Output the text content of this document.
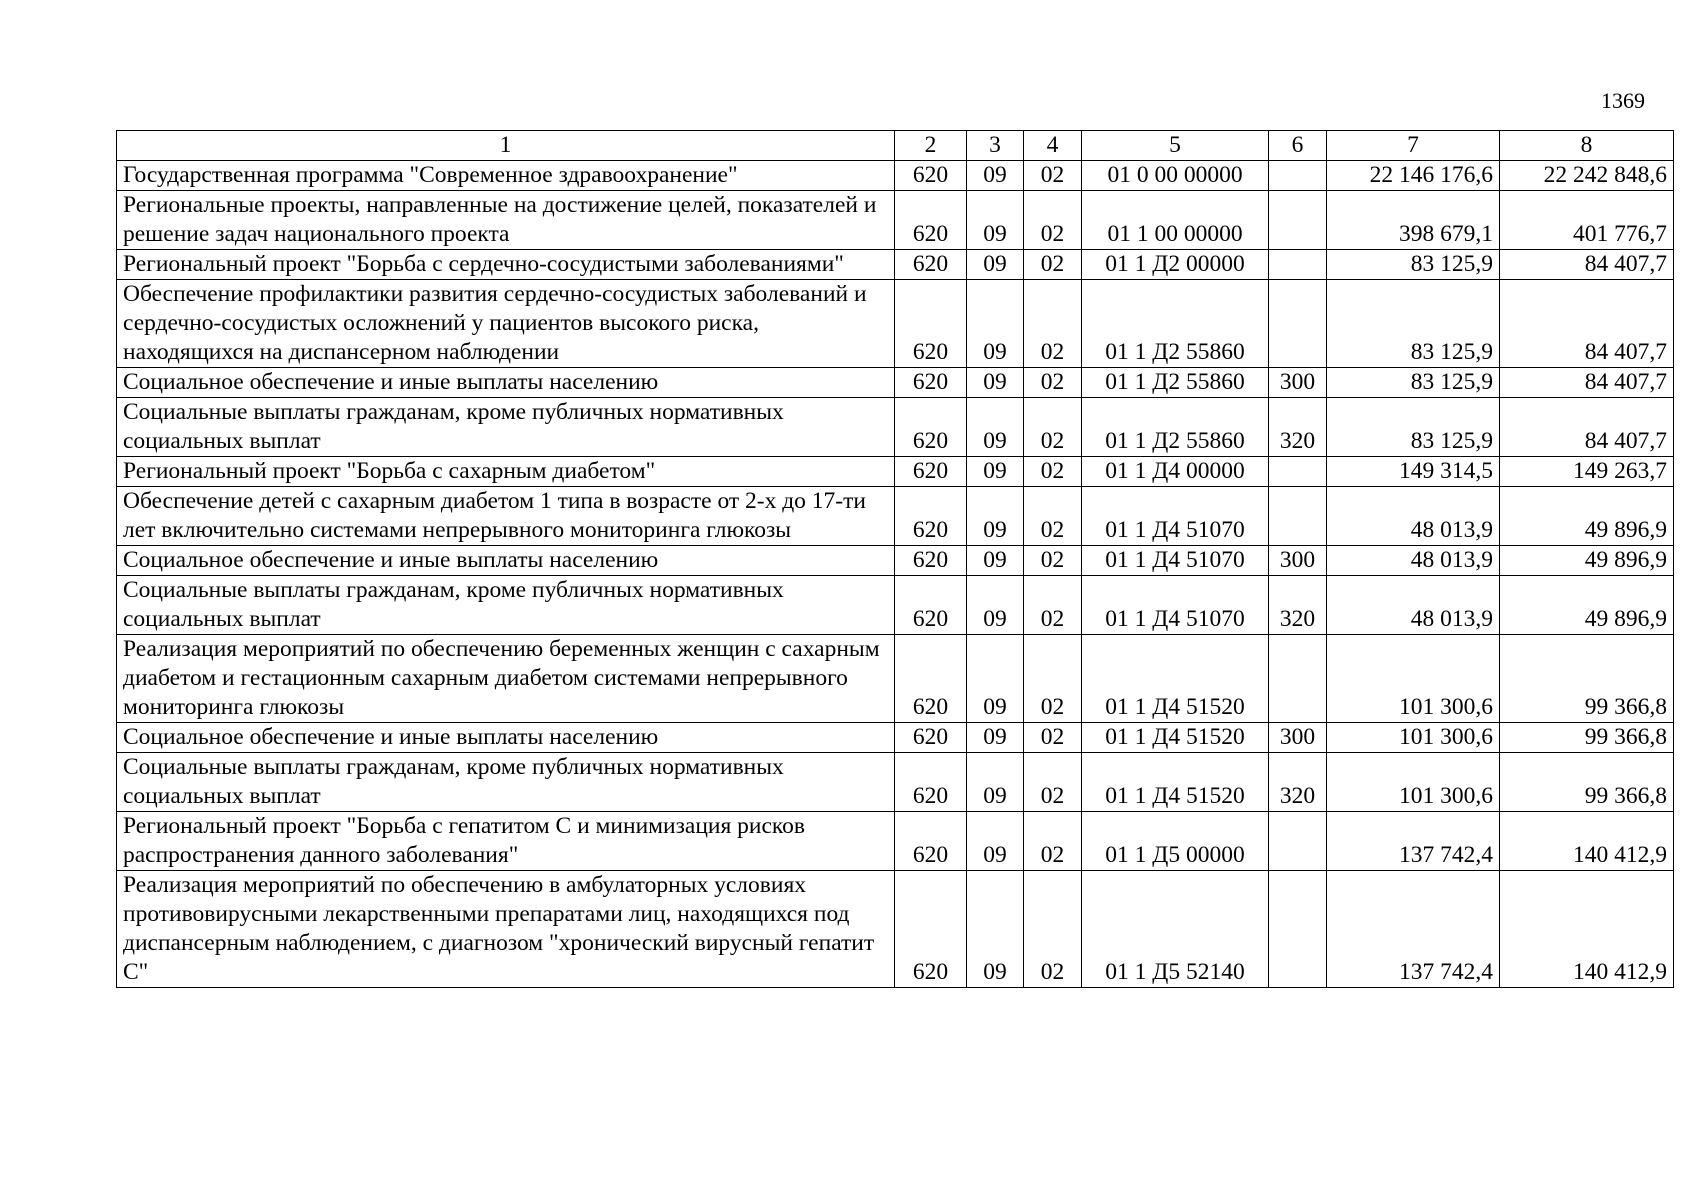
1369
1	2	3	4	5	6	7	8
Государственная программа "Современное здравоохранение"	620	09	02	01 0 00 00000		22 146 176,6	22 242 848,6
Региональные проекты, направленные на достижение целей, показателей и решение задач национального проекта	620	09	02	01 1 00 00000		398 679,1	401 776,7
Региональный проект "Борьба с сердечно-сосудистыми заболеваниями"	620	09	02	01 1 Д2 00000		83 125,9	84 407,7
Обеспечение профилактики развития сердечно-сосудистых заболеваний и сердечно-сосудистых осложнений у пациентов высокого риска, находящихся на диспансерном наблюдении	620	09	02	01 1 Д2 55860		83 125,9	84 407,7
Социальное обеспечение и иные выплаты населению	620	09	02	01 1 Д2 55860	300	83 125,9	84 407,7
Социальные выплаты гражданам, кроме публичных нормативных социальных выплат	620	09	02	01 1 Д2 55860	320	83 125,9	84 407,7
Региональный проект "Борьба с сахарным диабетом"	620	09	02	01 1 Д4 00000		149 314,5	149 263,7
Обеспечение детей с сахарным диабетом 1 типа в возрасте от 2-х до 17-ти лет включительно системами непрерывного мониторинга глюкозы	620	09	02	01 1 Д4 51070		48 013,9	49 896,9
Социальное обеспечение и иные выплаты населению	620	09	02	01 1 Д4 51070	300	48 013,9	49 896,9
Социальные выплаты гражданам, кроме публичных нормативных социальных выплат	620	09	02	01 1 Д4 51070	320	48 013,9	49 896,9
Реализация мероприятий по обеспечению беременных женщин с сахарным диабетом и гестационным сахарным диабетом системами непрерывного мониторинга глюкозы	620	09	02	01 1 Д4 51520		101 300,6	99 366,8
Социальное обеспечение и иные выплаты населению	620	09	02	01 1 Д4 51520	300	101 300,6	99 366,8
Социальные выплаты гражданам, кроме публичных нормативных социальных выплат	620	09	02	01 1 Д4 51520	320	101 300,6	99 366,8
Региональный проект "Борьба с гепатитом С и минимизация рисков распространения данного заболевания"	620	09	02	01 1 Д5 00000		137 742,4	140 412,9
Реализация мероприятий по обеспечению в амбулаторных условиях противовирусными лекарственными препаратами лиц, находящихся под диспансерным наблюдением, с диагнозом "хронический вирусный гепатит С"	620	09	02	01 1 Д5 52140		137 742,4	140 412,9
